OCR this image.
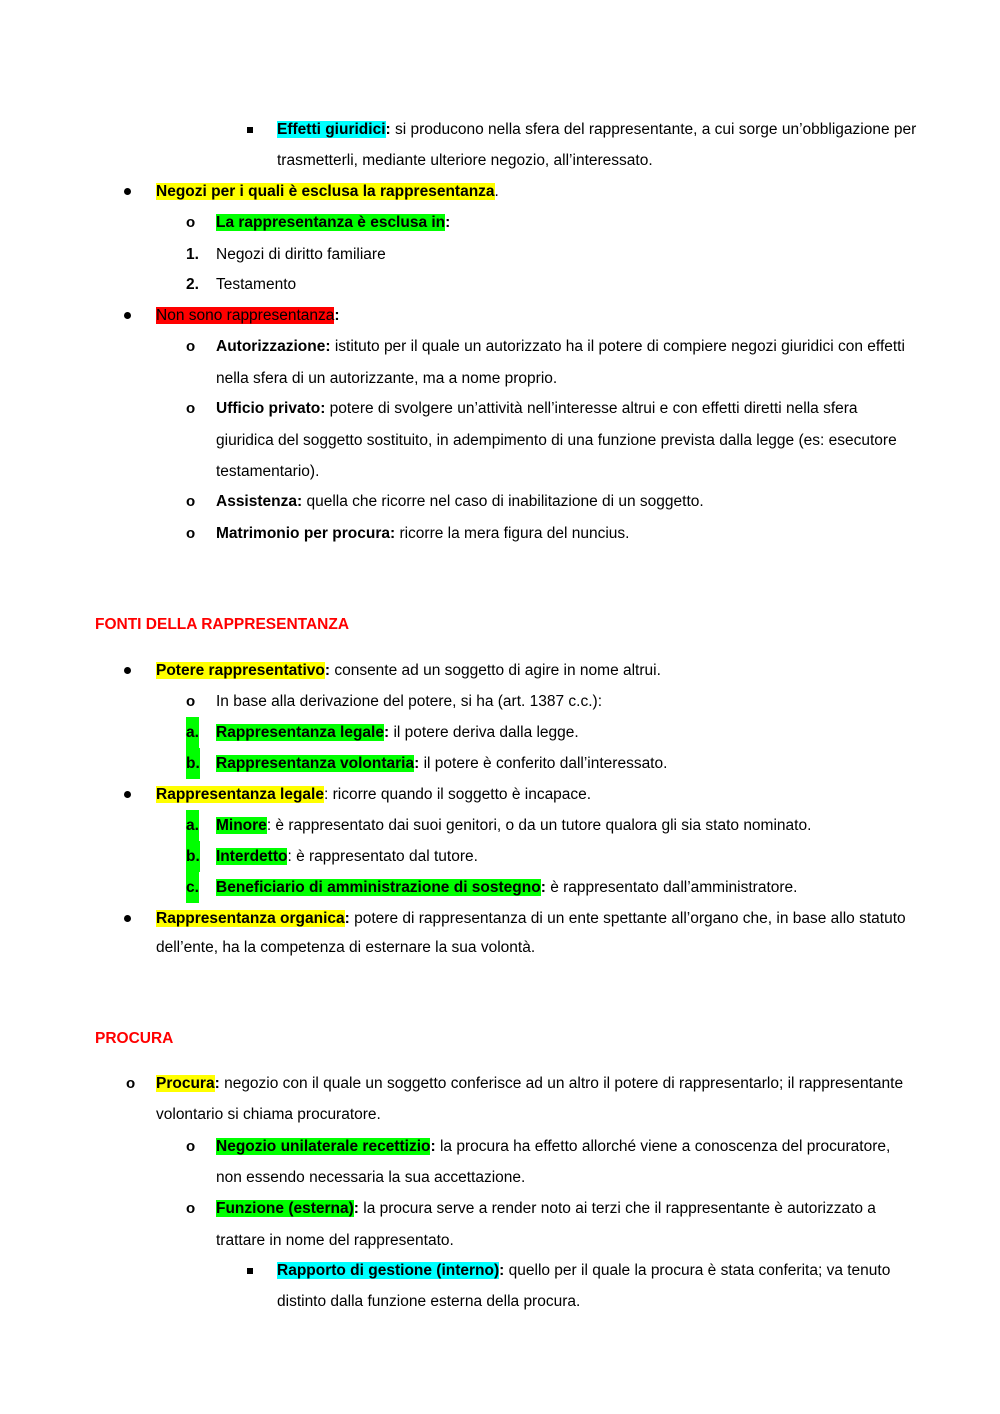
Effetti giuridici: si producono nella sfera del rappresentante, a cui sorge un’obbligazione per
trasmetterli, mediante ulteriore negozio, all’interessato.
Negozi per i quali è esclusa la rappresentanza.
o La rappresentanza è esclusa in:
1. Negozi di diritto familiare
2. Testamento
Non sono rappresentanza:
o Autorizzazione: istituto per il quale un autorizzato ha il potere di compiere negozi giuridici con effetti
nella sfera di un autorizzante, ma a nome proprio.
o Ufficio privato: potere di svolgere un’attività nell’interesse altrui e con effetti diretti nella sfera
giuridica del soggetto sostituito, in adempimento di una funzione prevista dalla legge (es: esecutore
testamentario).
o Assistenza: quella che ricorre nel caso di inabilitazione di un soggetto.
o Matrimonio per procura: ricorre la mera figura del nuncius.
FONTI DELLA RAPPRESENTANZA
Potere rappresentativo: consente ad un soggetto di agire in nome altrui.
o In base alla derivazione del potere, si ha (art. 1387 c.c.):
a. Rappresentanza legale: il potere deriva dalla legge.
b. Rappresentanza volontaria: il potere è conferito dall’interessato.
Rappresentanza legale: ricorre quando il soggetto è incapace.
a. Minore: è rappresentato dai suoi genitori, o da un tutore qualora gli sia stato nominato.
b. Interdetto: è rappresentato dal tutore.
c. Beneficiario di amministrazione di sostegno: è rappresentato dall’amministratore.
Rappresentanza organica: potere di rappresentanza di un ente spettante all’organo che, in base allo statuto
dell’ente, ha la competenza di esternare la sua volontà.
PROCURA
o Procura: negozio con il quale un soggetto conferisce ad un altro il potere di rappresentarlo; il rappresentante
volontario si chiama procuratore.
o Negozio unilaterale recettizio: la procura ha effetto allorché viene a conoscenza del procuratore,
non essendo necessaria la sua accettazione.
o Funzione (esterna): la procura serve a render noto ai terzi che il rappresentante è autorizzato a
trattare in nome del rappresentato.
Rapporto di gestione (interno): quello per il quale la procura è stata conferita; va tenuto
distinto dalla funzione esterna della procura.
